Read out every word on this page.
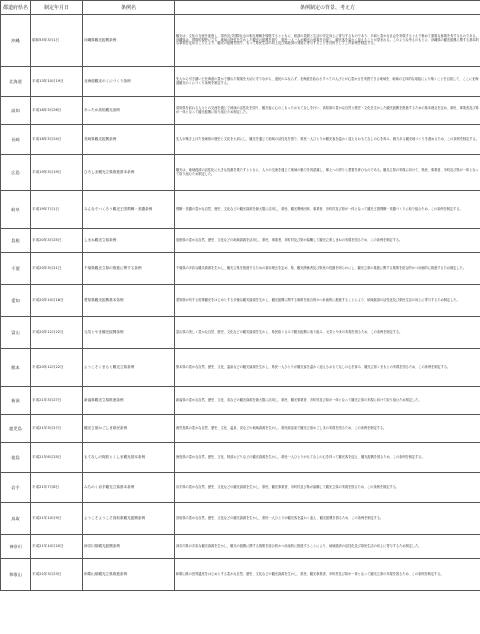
都道府県名	制定年月日	条例名	条例制定の背景、考え方
沖縄	昭和55年3月1日	沖縄県観光振興条例	観光は、文化の交流を促進し、国内及び国際社会の相互理解を増進するとともに、経済の発展と生活の安定向上に寄与するものであり、平和と豊かな社会を実現するうえで極めて重要な意義を有するものである。沖縄県は、国際的視野に立ち、地域の特性を生かした観光の振興を図り、県民一人一人が観光の意義を自覚し、観光客を温かく迎えることが望まれる。このような考えのもとに、沖縄県の観光振興に関する基本的な事項を定めることにより、観光の振興を図り、もって県民生活の向上及び県経済の発展に寄与することを目的としてこの条例を制定する。
北海道	平成13年10月19日	北海道観光のくにづくり条例	先人から引き継いだ北海道の豊かで優れた環境を大切に守りながら、道民のみならず、北海道を訪れるすべての人びとが心豊かさを実感できる地域を、地域の主体的な取組により築くことを目指して、ここに北海道観光のくにづくり条例を制定する。
高知	平成16年3月26日	あったか高知観光条例	高知県を訪れる人々との交流を通じて地域の活性化を図り、観光客に心のこもったおもてなしを行い、高知県の豊かな自然と歴史・文化を生かした観光振興を推進するための基本理念を定め、県民、事業者及び県が一体となって観光振興に取り組むため制定した。
長崎	平成18年3月24日	長崎県観光振興条例	先人が築き上げた長崎県の歴史と文化を大切にし、観光を通じて地域の活性化を図り、県民一人ひとりが観光客を温かく迎えるおもてなしの心を育み、魅力ある観光地づくりを進めるため、この条例を制定する。
広島	平成19年3月19日	ひろしま観光立県推進基本条例	観光は、地域経済の活性化に大きな役割を果たすとともに、人々の交流を通じて地域の魅力を再認識し、郷土への誇りと愛着を育むものである。観光立県の実現に向けて、県民、事業者、市町及び県が一体となって取り組むため制定した。
岐阜	平成19年7月1日	みんなでつくろう観光王国飛騨・美濃条例	飛騨・美濃の豊かな自然、歴史、文化などの観光資源を最大限に活用し、県民、観光関係団体、事業者、市町村及び県が一体となって観光王国飛騨・美濃づくりに取り組むため、この条例を制定する。
島根	平成20年3月25日	しまね観光立県条例	島根県の豊かな自然、歴史、文化などの地域資源を活用し、県民、事業者、市町村及び県が協働して観光立県しまねの実現を図るため、この条例を制定する。
千葉	平成20年3月21日	千葉県観光立県の推進に関する条例	千葉県の多彩な観光資源を生かし、観光立県を推進するための基本理念を定め、県、観光関係者及び県民の役割を明らかにし、観光立県の推進に関する施策を総合的かつ計画的に推進するため制定した。
愛知	平成20年10月16日	愛知県観光振興基本条例	愛知県が有する産業観光をはじめとする多様な観光資源を生かし、観光振興に関する施策を総合的かつ計画的に推進することにより、地域経済の活性化及び県民生活の向上に寄与するため制定した。
富山	平成20年12月22日	元気とやま観光振興条例	富山県の美しく豊かな自然、歴史、文化などの観光資源を生かし、県民総ぐるみで観光振興に取り組み、元気とやまの実現を図るため、この条例を制定する。
熊本	平成20年12月22日	ようこそくまもと観光立県条例	熊本県の豊かな自然、歴史、文化、温泉などの観光資源を生かし、県民一人ひとりが観光客を温かく迎えるおもてなしの心を育み、観光立県くまもとの実現を図るため、この条例を制定する。
新潟	平成21年3月27日	新潟県観光立県推進条例	新潟県の豊かな自然、歴史、文化、食などの観光資源を最大限に活用し、県民、観光事業者、市町村及び県が一体となって観光立県の実現に向けて取り組むため制定した。
鹿児島	平成21年3月27日	観光立県かごしま県民条例	鹿児島県の豊かな自然、歴史、文化、温泉、食などの地域資源を生かし、県民総参加で観光立県かごしまの実現を図るため、この条例を制定する。
徳島	平成21年6月25日	もてなしの阿波とくしま観光基本条例	徳島県の豊かな自然、歴史、文化、阿波おどりなどの観光資源を生かし、県民一人ひとりがもてなしの心を持って観光客を迎え、観光振興を図るため、この条例を制定する。
岩手	平成21年7月8日	みちのく岩手観光立県基本条例	岩手県の豊かな自然、歴史、文化などの観光資源を生かし、県民、観光事業者、市町村及び県が協働して観光立県の実現を図るため、この条例を制定する。
鳥取	平成21年10月9日	ようこそようこそ鳥取県観光振興条例	鳥取県の豊かな自然、歴史、文化などの観光資源を生かし、県民一人ひとりが観光客を温かく迎え、観光振興を図るため、この条例を制定する。
神奈川	平成21年10月20日	神奈川県観光振興条例	神奈川県の多彩な観光資源を生かし、観光の振興に関する施策を総合的かつ計画的に推進することにより、地域経済の活性化及び県民生活の向上に寄与するため制定した。
和歌山	平成22年3月23日	和歌山県観光立県推進条例	和歌山県の世界遺産をはじめとする豊かな自然、歴史、文化などの観光資源を生かし、県民、観光事業者、市町村及び県が一体となって観光立県の実現を図るため、この条例を制定する。
